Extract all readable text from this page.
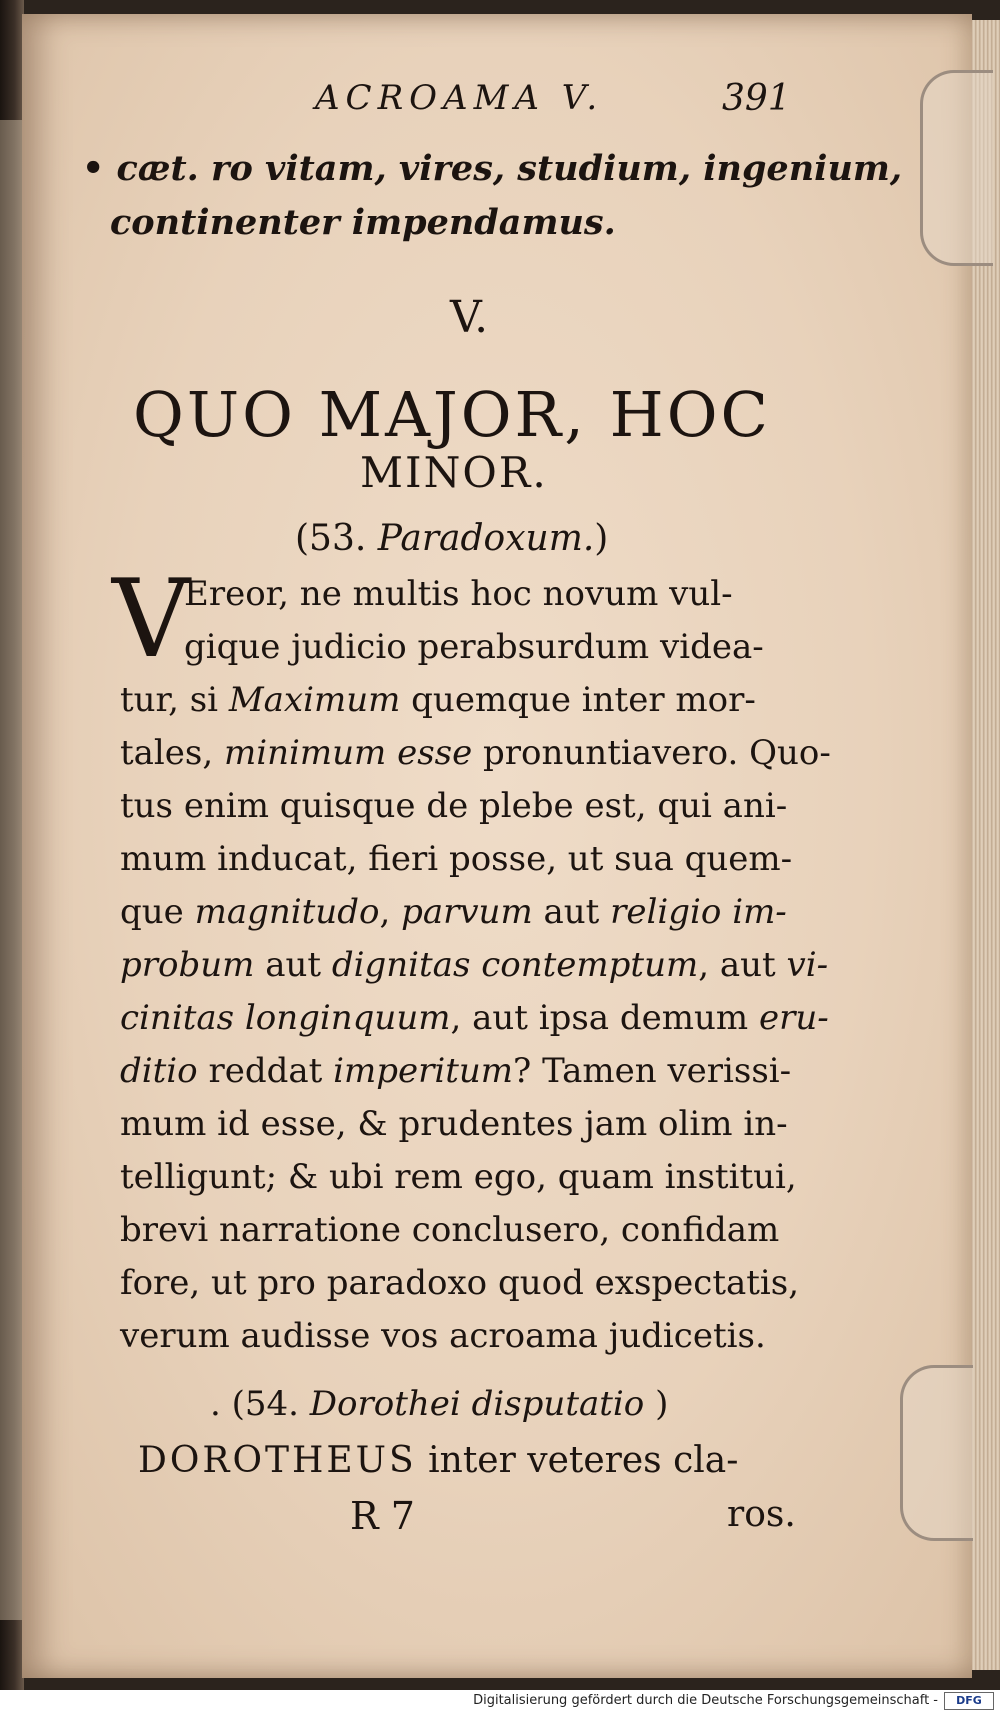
ACROAMA V.	391
• cæt. ro vitam, vires, studium, ingenium,
continenter impendamus.
V.
QUO MAJOR, HOC
MINOR.
(53. Paradoxum.)
V
Ereor, ne multis hoc novum vul-
gique judicio perabsurdum videa-
tur, si Maximum quemque inter mor-
tales, minimum esse pronuntiavero. Quo-
tus enim quisque de plebe est, qui ani-
mum inducat, fieri posse, ut sua quem-
que magnitudo, parvum aut religio im-
probum aut dignitas contemptum, aut vi-
cinitas longinquum, aut ipsa demum eru-
ditio reddat imperitum? Tamen verissi-
mum id esse, & prudentes jam olim in-
telligunt; & ubi rem ego, quam institui,
brevi narratione conclusero, confidam
fore, ut pro paradoxo quod exspectatis,
verum audisse vos acroama judicetis.
. (54. Dorothei disputatio )
DOROTHEUS inter veteres cla-
R 7	ros.
Digitalisierung gefördert durch die Deutsche Forschungsgemeinschaft -	DFG
